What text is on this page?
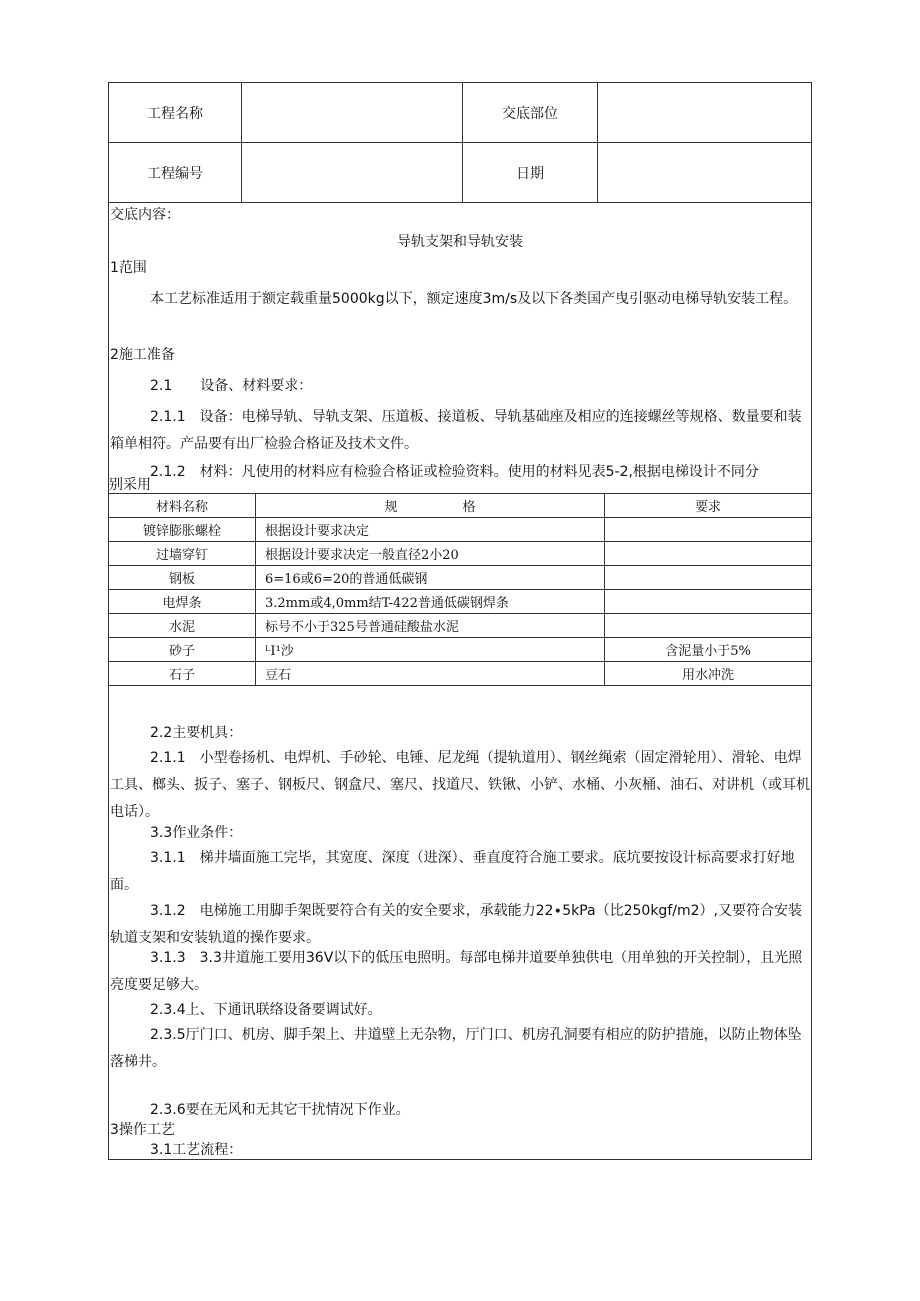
工程名称		交底部位	
工程编号		日期	
交底内容：
导轨支架和导轨安装
1范围
本工艺标准适用于额定载重量5000kg以下，额定速度3m∕s及以下各类国产曳引驱动电梯导轨安装工程。
2施工准备
2.1　　设备、材料要求：
2.1.1　设备：电梯导轨、导轨支架、压道板、接道板、导轨基础座及相应的连接螺丝等规格、数量要和装箱单相符。产品要有出厂检验合格证及技术文件。
2.1.2　材料：凡使用的材料应有检验合格证或检验资料。使用的材料见表5-2,根据电梯设计不同分
别采用
材料名称	规　　　　　格	要求
镀锌膨胀螺栓	根据设计要求决定	
过墙穿钉	根据设计要求决定一般直径2小20	
钢板	6=16或6=20的普通低碳钢	
电焊条	3.2mm或4,0mm结T-422普通低碳钢焊条	
水泥	标号不小于325号普通硅酸盐水泥	
砂子	ᴸI¹沙	含泥量小于5%
石子	豆石	用水冲洗
2.2主要机具：
2.1.1　小型卷扬机、电焊机、手砂轮、电锤、尼龙绳（提轨道用）、钢丝绳索（固定滑轮用）、滑轮、电焊工具、榔头、扳子、塞子、钢板尺、钢盒尺、塞尺、找道尺、铁锹、小铲、水桶、小灰桶、油石、对讲机（或耳机电话）。
3.3作业条件：
3.1.1　梯井墙面施工完毕，其宽度、深度（进深）、垂直度符合施工要求。底坑要按设计标高要求打好地面。
3.1.2　电梯施工用脚手架既要符合有关的安全要求，承载能力22∙5kPa（比250kgf∕m2）,又要符合安装轨道支架和安装轨道的操作要求。
3.1.3　3.3井道施工要用36V以下的低压电照明。每部电梯井道要单独供电（用单独的开关控制），且光照亮度要足够大。
2.3.4上、下通讯联络设备要调试好。
2.3.5厅门口、机房、脚手架上、井道壁上无杂物，厅门口、机房孔洞要有相应的防护措施，以防止物体坠落梯井。
2.3.6要在无风和无其它干扰情况下作业。
3操作工艺
3.1工艺流程：
